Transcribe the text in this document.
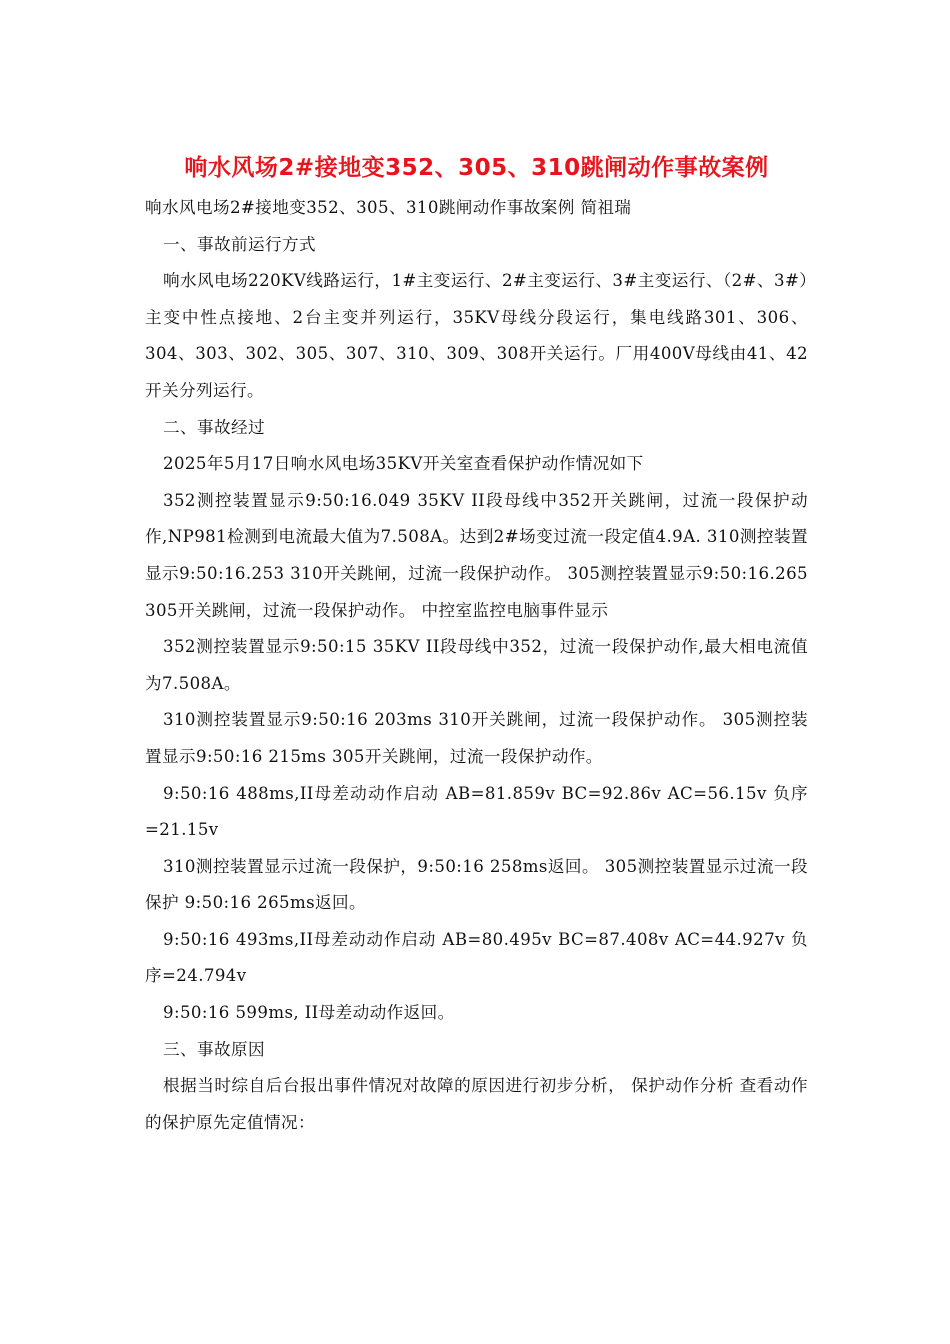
响水风场2#接地变352、305、310跳闸动作事故案例

响水风电场2#接地变352、305、310跳闸动作事故案例 简祖瑞

一、事故前运行方式

响水风电场220KV线路运行，1#主变运行、2#主变运行、3#主变运行、（2#、3#）主变中性点接地、2台主变并列运行，35KV母线分段运行，集电线路301、306、304、303、302、305、307、310、309、308开关运行。厂用400V母线由41、42开关分列运行。

二、事故经过

2025年5月17日响水风电场35KV开关室查看保护动作情况如下

352测控装置显示9:50:16.049 35KV II段母线中352开关跳闸，过流一段保护动作,NP981检测到电流最大值为7.508A。达到2#场变过流一段定值4.9A. 310测控装置显示9:50:16.253 310开关跳闸，过流一段保护动作。 305测控装置显示9:50:16.265 305开关跳闸，过流一段保护动作。 中控室监控电脑事件显示

352测控装置显示9:50:15 35KV II段母线中352，过流一段保护动作,最大相电流值为7.508A。

310测控装置显示9:50:16 203ms 310开关跳闸，过流一段保护动作。 305测控装置显示9:50:16 215ms 305开关跳闸，过流一段保护动作。

9:50:16 488ms,II母差动动作启动 AB=81.859v BC=92.86v AC=56.15v 负序=21.15v

310测控装置显示过流一段保护，9:50:16 258ms返回。 305测控装置显示过流一段保护 9:50:16 265ms返回。

9:50:16 493ms,II母差动动作启动 AB=80.495v BC=87.408v AC=44.927v 负序=24.794v

9:50:16 599ms, II母差动动作返回。

三、事故原因

根据当时综自后台报出事件情况对故障的原因进行初步分析， 保护动作分析 查看动作的保护原先定值情况：
